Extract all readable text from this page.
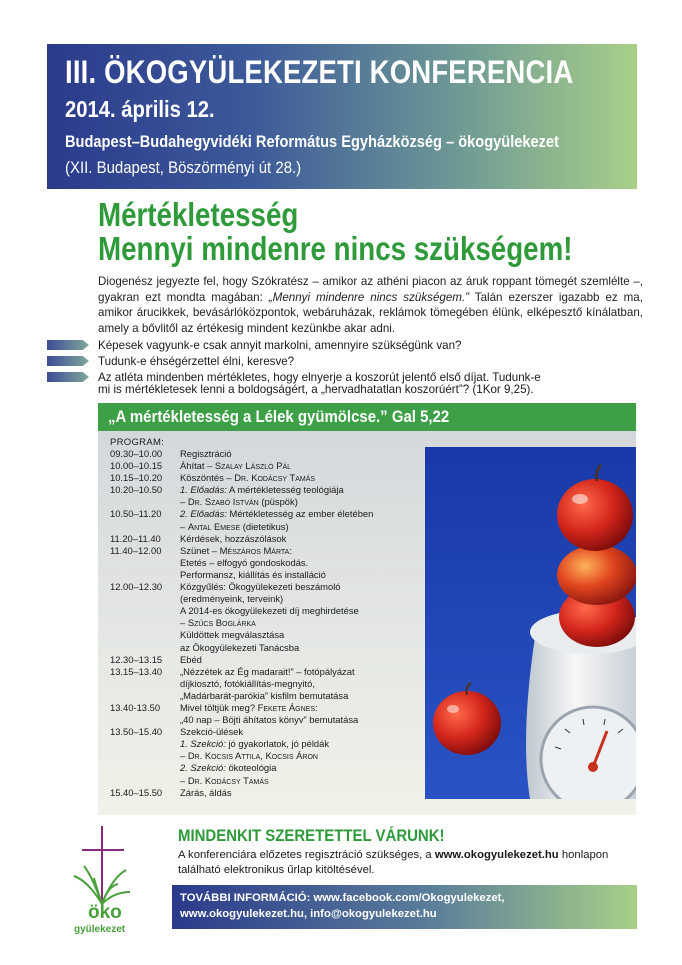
III. ÖKOGYÜLEKEZETI KONFERENCIA
2014. április 12.
Budapest–Budahegyvidéki Református Egyházközség – ökogyülekezet
(XII. Budapest, Böszörményi út 28.)
Mértékletesség
Mennyi mindenre nincs szükségem!

Diogenész jegyezte fel, hogy Szókratész – amikor az athéni piacon az áruk roppant tömegét szemlélte –, gyakran ezt mondta magában: „Mennyi mindenre nincs szükségem.” Talán ezerszer igazabb ez ma, amikor árucikkek, bevásárlóközpontok, webáruházak, reklámok tömegében élünk, elképesztő kínálatban, amely a bővlitől az értékesig mindent kezünkbe akar adni.

Képesek vagyunk-e csak annyit markolni, amennyire szükségünk van?
Tudunk-e éhségérzettel élni, keresve?
Az atléta mindenben mértékletes, hogy elnyerje a koszorút jelentő első díjat. Tudunk-e
mi is mértékletesek lenni a boldogságért, a „hervadhatatlan koszorúért”? (1Kor 9,25).
„A mértékletesség a Lélek gyümölcse.” Gal 5,22
PROGRAM:
09.30–10.00	Regisztráció
10.00–10.15	Áhítat – Szalay László Pál
10.15–10.20	Köszöntés – Dr. Kodácsy Tamás
10.20–10.50	1. Előadás: A mértékletesség teológiája
– Dr. Szabó István (püspök)
10.50–11.20	2. Előadás: Mértékletesség az ember életében
– Antal Emese (dietetikus)
11.20–11.40	Kérdések, hozzászólások
11.40–12.00	Szünet – Mészáros Márta:
Etetés – elfogyó gondoskodás.
Performansz, kiállítás és installáció
12.00–12.30	Közgyűlés: Ökogyülekezeti beszámoló
(eredményeink, terveink)
A 2014-es ökogyülekezeti díj meghirdetése
– Szűcs Boglárka
Küldöttek megválasztása
az Ökogyülekezeti Tanácsba
12.30–13.15	Ebéd
13.15–13.40	„Nézzétek az Ég madarait!” – fotópályázat
díjkiosztó, fotókiállítás-megnyitó,
„Madárbarát-parókia” kisfilm bemutatása
13.40-13.50	Mivel töltjük meg? Fekete Ágnes:
„40 nap – Böjti áhítatos könyv” bemutatása
13.50–15.40	Szekció-ülések
1. Szekció: jó gyakorlatok, jó példák
– Dr. Kocsis Attila, Kocsis Áron
2. Szekció: ökoteológia
– Dr. Kodácsy Tamás
15.40–15.50	Zárás, áldás
öko
gyülekezet
MINDENKIT SZERETETTEL VÁRUNK!

A konferenciára előzetes regisztráció szükséges, a www.okogyulekezet.hu honlapon

található elektronikus űrlap kitöltésével.

TOVÁBBI INFORMÁCIÓ: www.facebook.com/Okogyulekezet,
www.okogyulekezet.hu, info@okogyulekezet.hu
